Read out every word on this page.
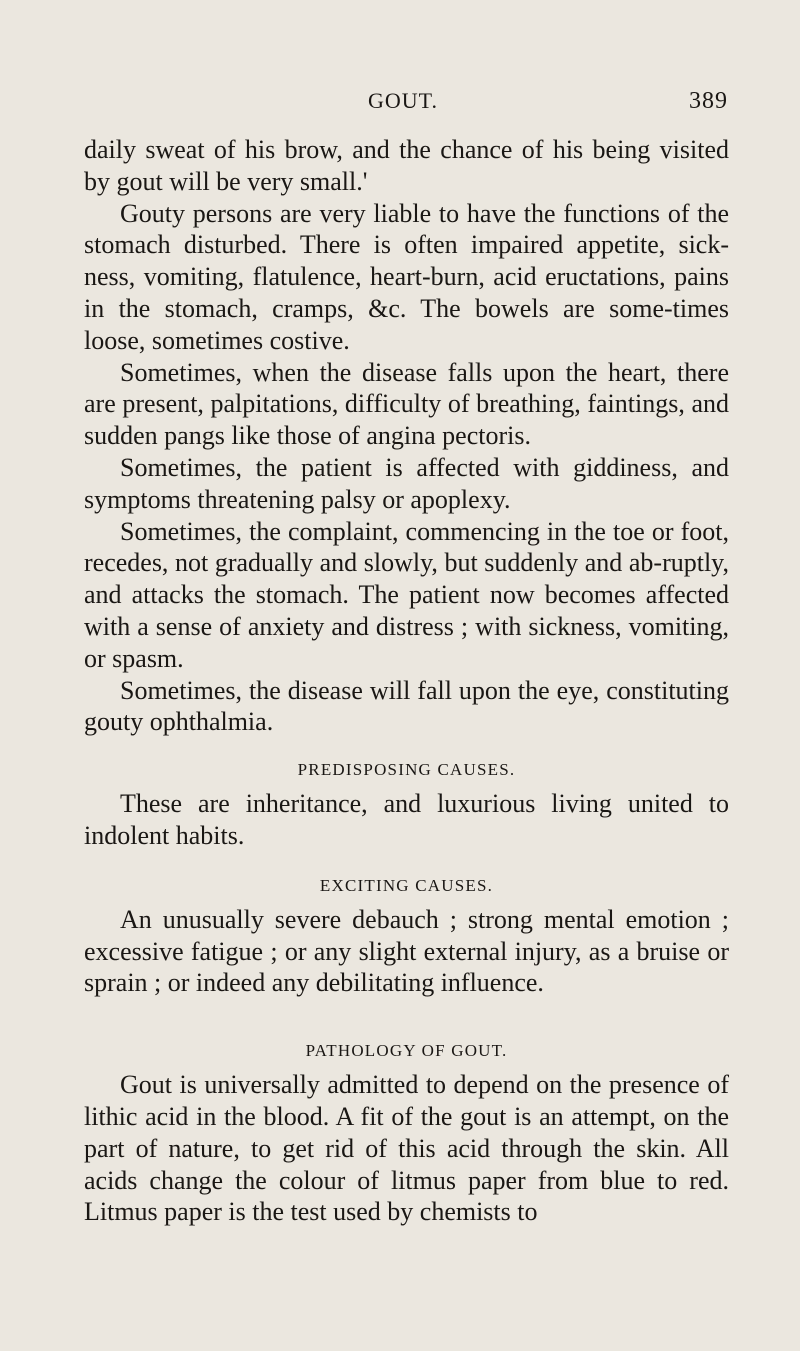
GOUT.	389

daily sweat of his brow, and the chance of his being visited by gout will be very small.'

Gouty persons are very liable to have the functions of the stomach disturbed. There is often impaired appetite, sick-ness, vomiting, flatulence, heart-burn, acid eructations, pains in the stomach, cramps, &c. The bowels are some-times loose, sometimes costive.

Sometimes, when the disease falls upon the heart, there are present, palpitations, difficulty of breathing, faintings, and sudden pangs like those of angina pectoris.

Sometimes, the patient is affected with giddiness, and symptoms threatening palsy or apoplexy.

Sometimes, the complaint, commencing in the toe or foot, recedes, not gradually and slowly, but suddenly and ab-ruptly, and attacks the stomach. The patient now becomes affected with a sense of anxiety and distress ; with sickness, vomiting, or spasm.

Sometimes, the disease will fall upon the eye, constituting gouty ophthalmia.

PREDISPOSING CAUSES.

These are inheritance, and luxurious living united to indolent habits.

EXCITING CAUSES.

An unusually severe debauch ; strong mental emotion ; excessive fatigue ; or any slight external injury, as a bruise or sprain ; or indeed any debilitating influence.

PATHOLOGY OF GOUT.

Gout is universally admitted to depend on the presence of lithic acid in the blood. A fit of the gout is an attempt, on the part of nature, to get rid of this acid through the skin. All acids change the colour of litmus paper from blue to red. Litmus paper is the test used by chemists to
